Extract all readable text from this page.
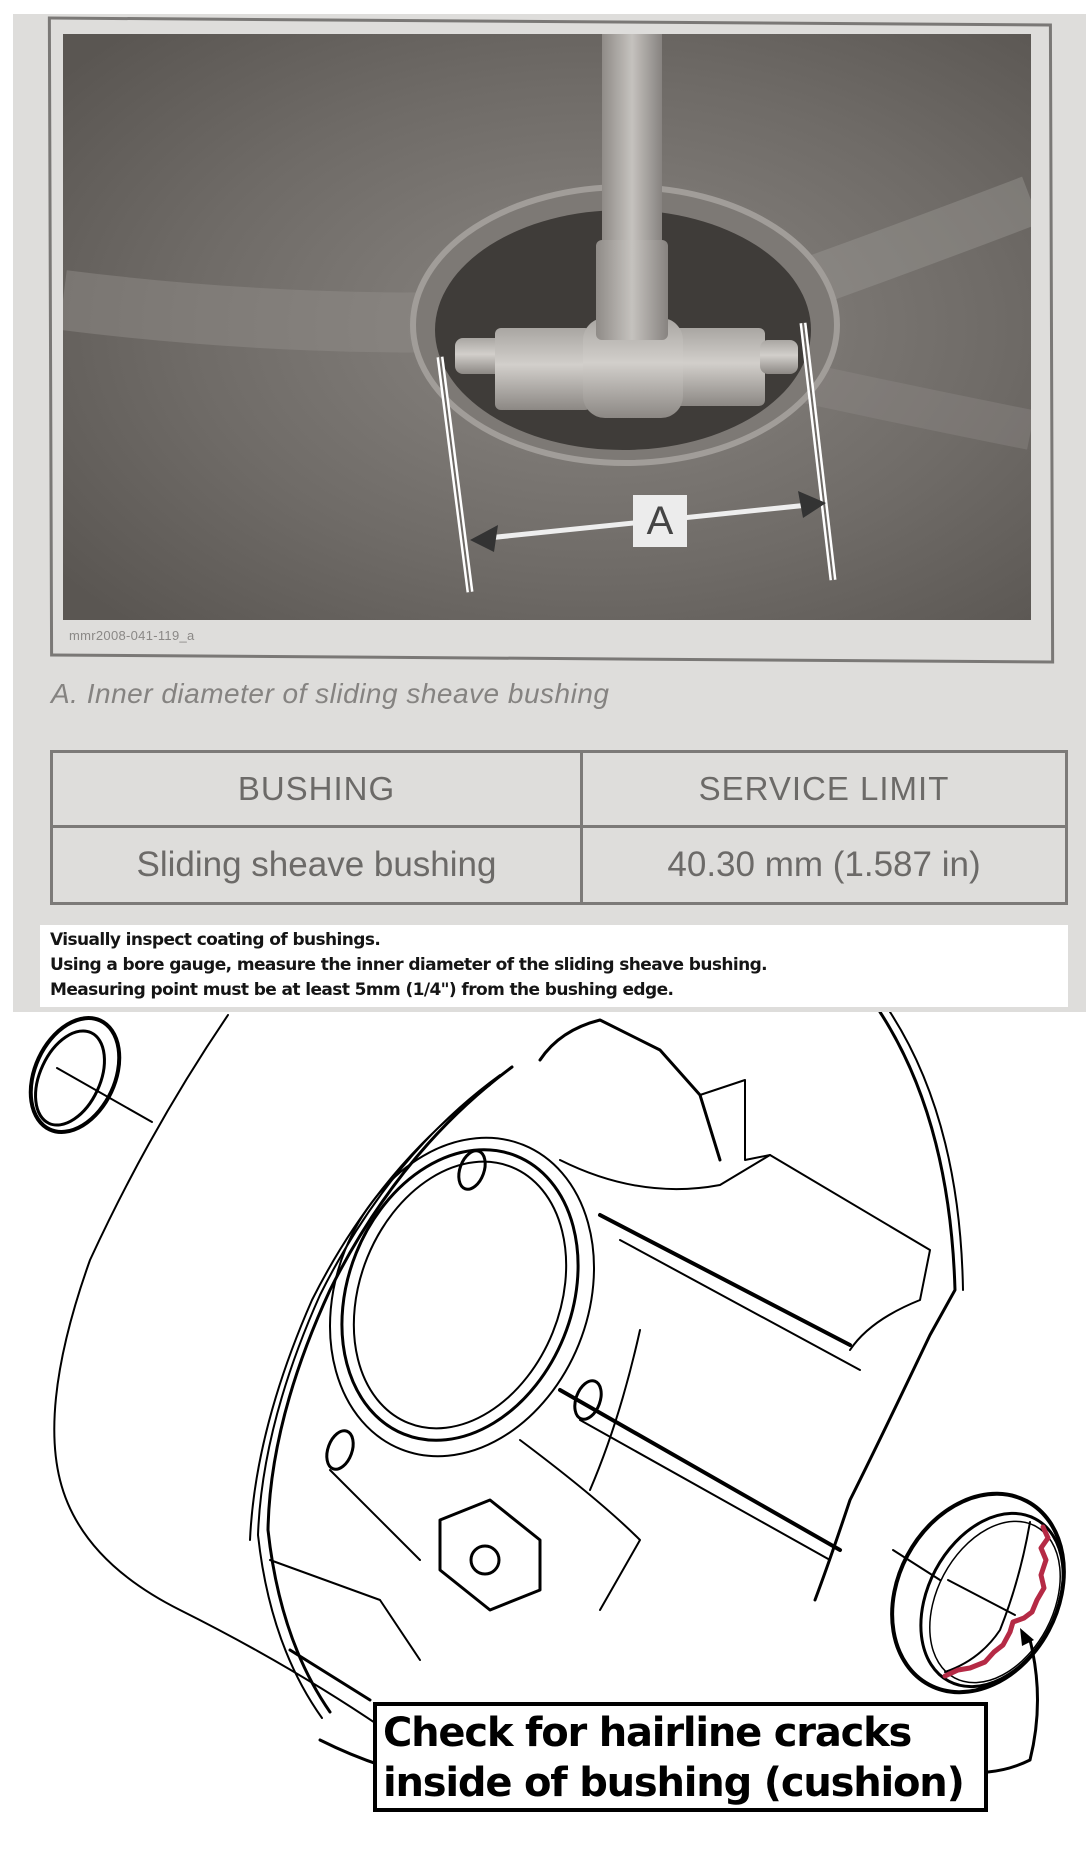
A
mmr2008-041-119_a
A. Inner diameter of sliding sheave bushing
BUSHING	SERVICE LIMIT
Sliding sheave bushing	40.30 mm (1.587 in)
Visually inspect coating of bushings.
Using a bore gauge, measure the inner diameter of the sliding sheave bushing.
Measuring point must be at least 5mm (1/4") from the bushing edge.
Check for hairline cracks
inside of bushing (cushion)
